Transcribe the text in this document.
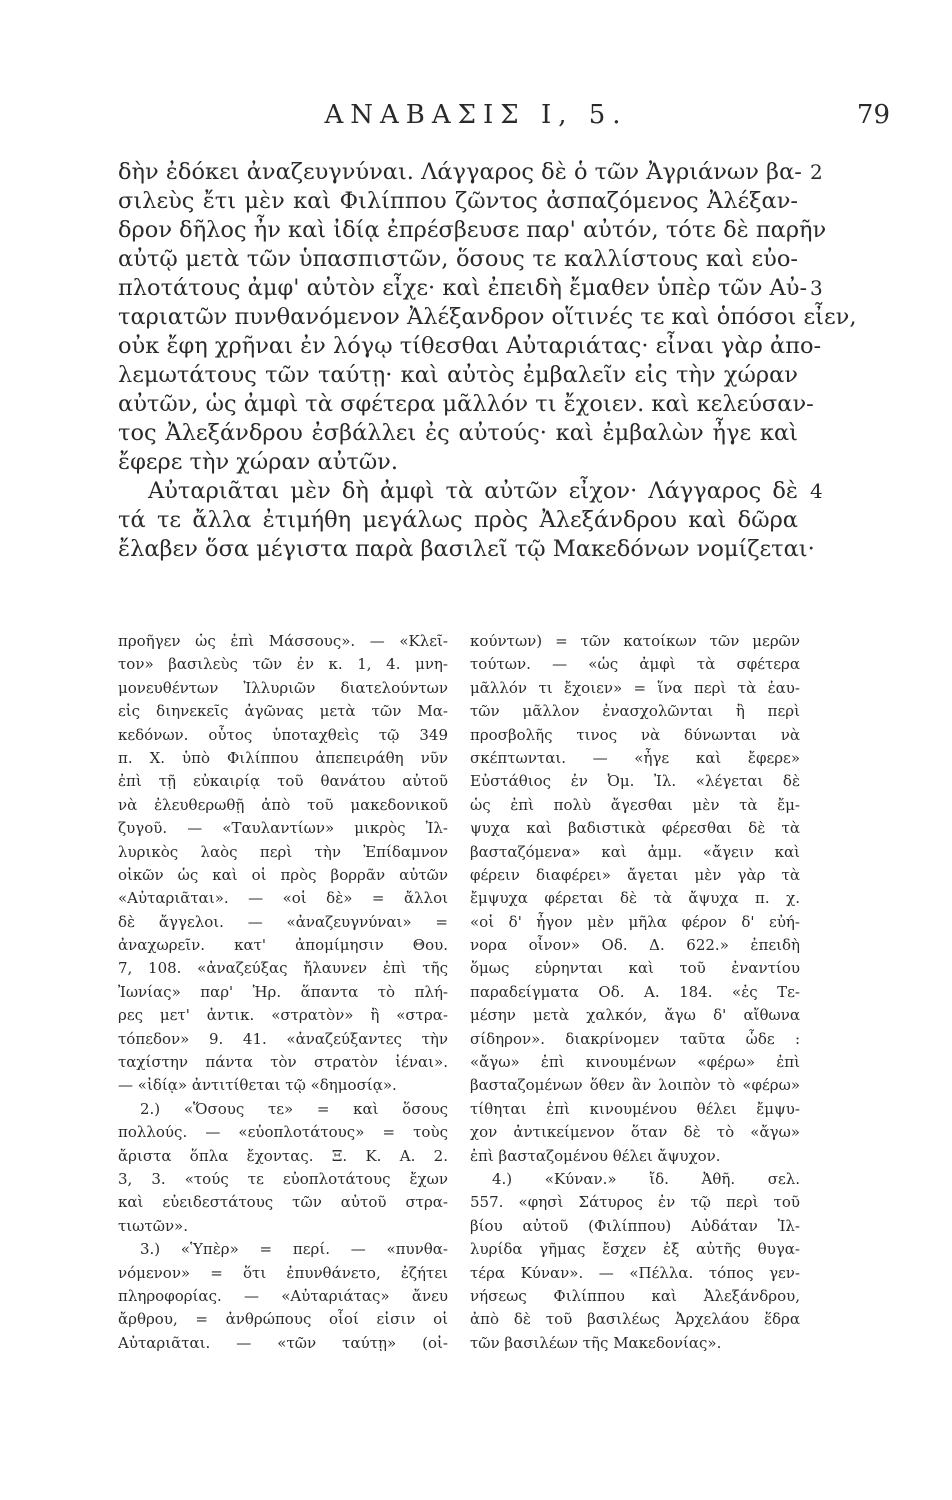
ΑΝΑΒΑΣΙΣ Ι, 5.	79
δὴν ἐδόκει ἀναζευγνύναι. Λάγγαρος δὲ ὁ τῶν Ἀγριάνων βα-
σιλεὺς ἔτι μὲν καὶ Φιλίππου ζῶντος ἀσπαζόμενος Ἀλέξαν-
δρον δῆλος ἦν καὶ ἰδίᾳ ἐπρέσβευσε παρ' αὐτόν, τότε δὲ παρῆν
αὐτῷ μετὰ τῶν ὑπασπιστῶν, ὅσους τε καλλίστους καὶ εὐο-
πλοτάτους ἀμφ' αὐτὸν εἶχε· καὶ ἐπειδὴ ἔμαθεν ὑπὲρ τῶν Αὐ-
ταριατῶν πυνθανόμενον Ἀλέξανδρον οἵτινές τε καὶ ὁπόσοι εἶεν,
οὐκ ἔφη χρῆναι ἐν λόγῳ τίθεσθαι Αὐταριάτας· εἶναι γὰρ ἀπο-
λεμωτάτους τῶν ταύτῃ· καὶ αὐτὸς ἐμβαλεῖν εἰς τὴν χώραν
αὐτῶν, ὡς ἀμφὶ τὰ σφέτερα μᾶλλόν τι ἔχοιεν. καὶ κελεύσαν-
τος Ἀλεξάνδρου ἐσβάλλει ἐς αὐτούς· καὶ ἐμβαλὼν ἦγε καὶ
ἔφερε τὴν χώραν αὐτῶν.
Αὐταριᾶται μὲν δὴ ἀμφὶ τὰ αὐτῶν εἶχον· Λάγγαρος δὲ
τά τε ἄλλα ἐτιμήθη μεγάλως πρὸς Ἀλεξάνδρου καὶ δῶρα
ἔλαβεν ὅσα μέγιστα παρὰ βασιλεῖ τῷ Μακεδόνων νομίζεται·
2
3
4
προῆγεν ὡς ἐπὶ Μάσσους». — «Κλεῖ-
τον» βασιλεὺς τῶν ἐν κ. 1, 4. μνη-
μονευθέντων Ἰλλυριῶν διατελούντων
εἰς διηνεκεῖς ἀγῶνας μετὰ τῶν Μα-
κεδόνων. οὗτος ὑποταχθεὶς τῷ 349
π. Χ. ὑπὸ Φιλίππου ἀπεπειράθη νῦν
ἐπὶ τῇ εὐκαιρίᾳ τοῦ θανάτου αὐτοῦ
νὰ ἐλευθερωθῇ ἀπὸ τοῦ μακεδονικοῦ
ζυγοῦ. — «Ταυλαντίων» μικρὸς Ἰλ-
λυρικὸς λαὸς περὶ τὴν Ἐπίδαμνον
οἰκῶν ὡς καὶ οἱ πρὸς βορρᾶν αὐτῶν
«Αὐταριᾶται». — «οἱ δὲ» = ἄλλοι
δὲ ἄγγελοι. — «ἀναζευγνύναι» =
ἀναχωρεῖν. κατ' ἀπομίμησιν Θου.
7, 108. «ἀναζεύξας ἤλαυνεν ἐπὶ τῆς
Ἰωνίας» παρ' Ἡρ. ἅπαντα τὸ πλή-
ρες μετ' ἀντικ. «στρατὸν» ἢ «στρα-
τόπεδον» 9. 41. «ἀναζεύξαντες τὴν
ταχίστην πάντα τὸν στρατὸν ἰέναι».
— «ἰδίᾳ» ἀντιτίθεται τῷ «δημοσίᾳ».
2.) «Ὅσους τε» = καὶ ὅσους
πολλούς. — «εὐοπλοτάτους» = τοὺς
ἄριστα ὅπλα ἔχοντας. Ξ. Κ. Α. 2.
3, 3. «τούς τε εὐοπλοτάτους ἔχων
καὶ εὐειδεστάτους τῶν αὐτοῦ στρα-
τιωτῶν».
3.) «Ὑπὲρ» = περί. — «πυνθα-
νόμενον» = ὅτι ἐπυνθάνετο, ἐζήτει
πληροφορίας. — «Αὐταριάτας» ἄνευ
ἄρθρου, = ἀνθρώπους οἷοί εἰσιν οἱ
Αὐταριᾶται. — «τῶν ταύτῃ» (οἰ-
κούντων) = τῶν κατοίκων τῶν μερῶν
τούτων. — «ὡς ἀμφὶ τὰ σφέτερα
μᾶλλόν τι ἔχοιεν» = ἵνα περὶ τὰ ἑαυ-
τῶν μᾶλλον ἐνασχολῶνται ἢ περὶ
προσβολῆς τινος νὰ δύνωνται νὰ
σκέπτωνται. — «ἦγε καὶ ἔφερε»
Εὐστάθιος ἐν Ὀμ. Ἰλ. «λέγεται δὲ
ὡς ἐπὶ πολὺ ἄγεσθαι μὲν τὰ ἔμ-
ψυχα καὶ βαδιστικὰ φέρεσθαι δὲ τὰ
βασταζόμενα» καὶ ἀμμ. «ἄγειν καὶ
φέρειν διαφέρει» ἄγεται μὲν γὰρ τὰ
ἔμψυχα φέρεται δὲ τὰ ἄψυχα π. χ.
«οἱ δ' ἦγον μὲν μῆλα φέρον δ' εὐή-
νορα οἶνον» Οδ. Δ. 622.» ἐπειδὴ
ὅμως εὑρηνται καὶ τοῦ ἐναντίου
παραδείγματα Οδ. Α. 184. «ἐς Τε-
μέσην μετὰ χαλκόν, ἄγω δ' αἴθωνα
σίδηρον». διακρίνομεν ταῦτα ὧδε :
«ἄγω» ἐπὶ κινουμένων «φέρω» ἐπὶ
βασταζομένων ὅθεν ἂν λοιπὸν τὸ «φέρω»
τίθηται ἐπὶ κινουμένου θέλει ἔμψυ-
χον ἀντικείμενον ὅταν δὲ τὸ «ἄγω»
ἐπὶ βασταζομένου θέλει ἄψυχον.
4.) «Κύναν.» ἴδ. Ἀθῆ. σελ.
557. «φησὶ Σάτυρος ἐν τῷ περὶ τοῦ
βίου αὐτοῦ (Φιλίππου) Αὐδάταν Ἰλ-
λυρίδα γῆμας ἔσχεν ἐξ αὐτῆς θυγα-
τέρα Κύναν». — «Πέλλα. τόπος γεν-
νήσεως Φιλίππου καὶ Ἀλεξάνδρου,
ἀπὸ δὲ τοῦ βασιλέως Ἀρχελάου ἕδρα
τῶν βασιλέων τῆς Μακεδονίας».
